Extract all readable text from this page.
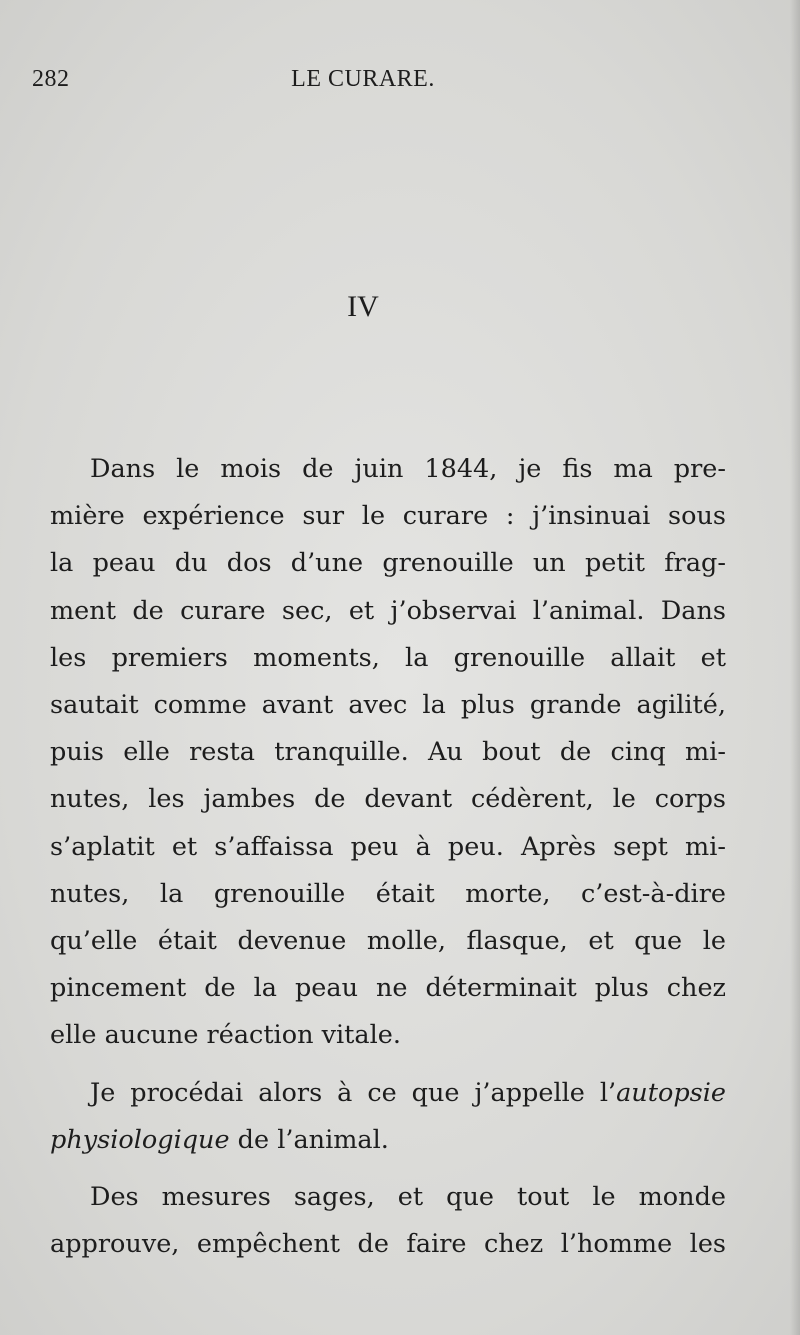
282	LE CURARE.
IV
Dans le mois de juin 1844, je fis ma pre-
mière expérience sur le curare : j’insinuai sous
la peau du dos d’une grenouille un petit frag-
ment de curare sec, et j’observai l’animal. Dans
les premiers moments, la grenouille allait et
sautait comme avant avec la plus grande agilité,
puis elle resta tranquille. Au bout de cinq mi-
nutes, les jambes de devant cédèrent, le corps
s’aplatit et s’affaissa peu à peu. Après sept mi-
nutes, la grenouille était morte, c’est-à-dire
qu’elle était devenue molle, flasque, et que le
pincement de la peau ne déterminait plus chez
elle aucune réaction vitale.
Je procédai alors à ce que j’appelle l’autopsie
physiologique de l’animal.
Des mesures sages, et que tout le monde
approuve, empêchent de faire chez l’homme les
